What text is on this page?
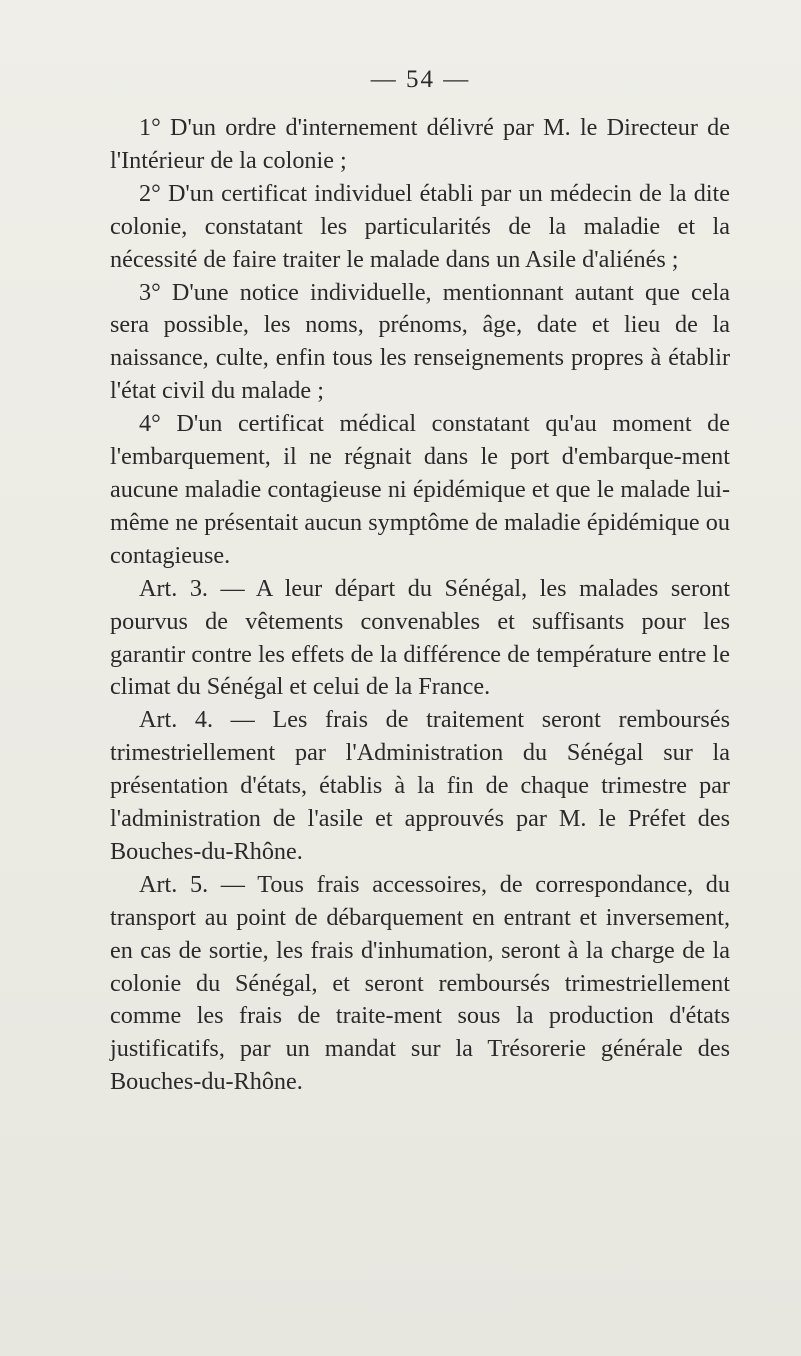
— 54 —

1° D'un ordre d'internement délivré par M. le Directeur de l'Intérieur de la colonie ;

2° D'un certificat individuel établi par un médecin de la dite colonie, constatant les particularités de la maladie et la nécessité de faire traiter le malade dans un Asile d'aliénés ;

3° D'une notice individuelle, mentionnant autant que cela sera possible, les noms, prénoms, âge, date et lieu de la naissance, culte, enfin tous les renseignements propres à établir l'état civil du malade ;

4° D'un certificat médical constatant qu'au moment de l'embarquement, il ne régnait dans le port d'embarque-ment aucune maladie contagieuse ni épidémique et que le malade lui-même ne présentait aucun symptôme de maladie épidémique ou contagieuse.

Art. 3. — A leur départ du Sénégal, les malades seront pourvus de vêtements convenables et suffisants pour les garantir contre les effets de la différence de température entre le climat du Sénégal et celui de la France.

Art. 4. — Les frais de traitement seront remboursés trimestriellement par l'Administration du Sénégal sur la présentation d'états, établis à la fin de chaque trimestre par l'administration de l'asile et approuvés par M. le Préfet des Bouches-du-Rhône.

Art. 5. — Tous frais accessoires, de correspondance, du transport au point de débarquement en entrant et inversement, en cas de sortie, les frais d'inhumation, seront à la charge de la colonie du Sénégal, et seront remboursés trimestriellement comme les frais de traite-ment sous la production d'états justificatifs, par un mandat sur la Trésorerie générale des Bouches-du-Rhône.
